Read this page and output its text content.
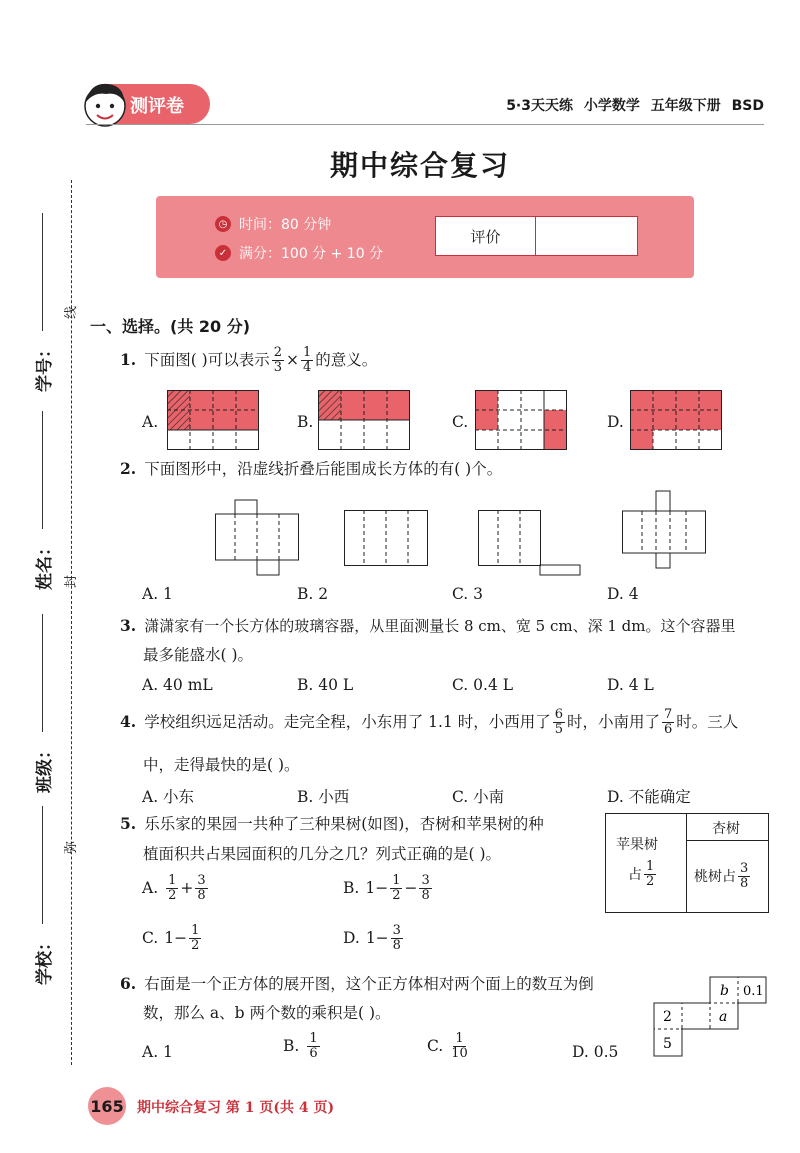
学号：
姓名：
班级：
学校：
线
封
弥
测评卷	5·3天天练 小学数学 五年级下册 BSD
期中综合复习
◷ 时间：80 分钟
✓ 满分：100 分 + 10 分
评价
一、选择。(共 20 分)
1. 下面图( )可以表示 $\frac{2}{3} \times \frac{1}{4}$ 的意义。
A.	B.	C.	D.
2. 下面图形中，沿虚线折叠后能围成长方体的有( )个。
A. 1	B. 2	C. 3	D. 4
3. 潇潇家有一个长方体的玻璃容器，从里面测量长 8 cm、宽 5 cm、深 1 dm。这个容器里
最多能盛水( )。
A. 40 mL	B. 40 L	C. 0.4 L	D. 4 L
4. 学校组织远足活动。走完全程，小东用了 1.1 时，小西用了 $\frac{6}{5}$ 时，小南用了 $\frac{7}{6}$ 时。三人
中，走得最快的是( )。
A. 小东	B. 小西	C. 小南	D. 不能确定
5. 乐乐家的果园一共种了三种果树(如图)，杏树和苹果树的种
植面积共占果园面积的几分之几？列式正确的是( )。
A. $\frac{1}{2} + \frac{3}{8}$	B. $1- \frac{1}{2} - \frac{3}{8}$
C. $1- \frac{1}{2}$	D. $1- \frac{3}{8}$
苹果树
占 $\frac{1}{2}$
杏树
桃树占 $\frac{3}{8}$
6. 右面是一个正方体的展开图，这个正方体相对两个面上的数互为倒
数，那么 a、b 两个数的乘积是( )。
A. 1	B. $\frac{1}{6}$	C. $\frac{1}{10}$	D. 0.5
b 0.1
2	a
5
165 期中综合复习 第 1 页(共 4 页)
